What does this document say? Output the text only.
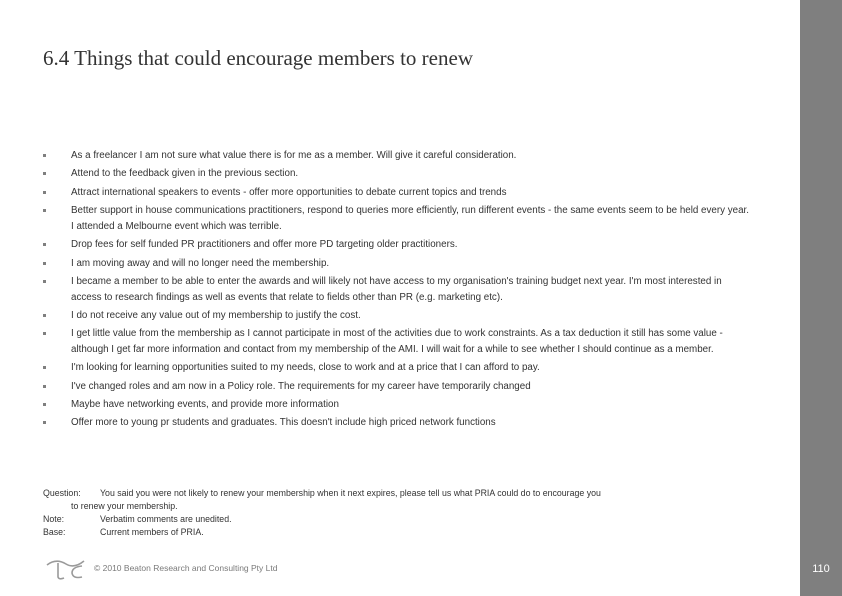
6.4 Things that could encourage members to renew
As a freelancer I am not sure what value there is for me as a member. Will give it careful consideration.
Attend to the feedback given in the previous section.
Attract international speakers to events - offer more opportunities to debate current topics and trends
Better support in house communications practitioners, respond to queries more efficiently, run different events - the same events seem to be held every year. I attended a Melbourne event which was terrible.
Drop fees for self funded PR practitioners and offer more PD targeting older practitioners.
I am moving away and will no longer need the membership.
I became a member to be able to enter the awards and will likely not have access to my organisation's training budget next year. I'm most interested in access to research findings as well as events that relate to fields other than PR (e.g. marketing etc).
I do not receive any value out of my membership to justify the cost.
I get little value from the membership as I cannot participate in most of the activities due to work constraints. As a tax deduction it still has some value - although I get far more information and contact from my membership of the AMI. I will wait for a while to see whether I should continue as a member.
I'm looking for learning opportunities suited to my needs, close to work and at a price that I can afford to pay.
I've changed roles and am now in a Policy role. The requirements for my career have temporarily changed
Maybe have networking events, and provide more information
Offer more to young pr students and graduates. This doesn't include high priced network functions
Question:	You said you were not likely to renew your membership when it next expires, please tell us what PRIA could do to encourage you
to renew your membership.
Note:	Verbatim comments are unedited.
Base:	Current members of PRIA.
© 2010 Beaton Research and Consulting Pty Ltd	110
